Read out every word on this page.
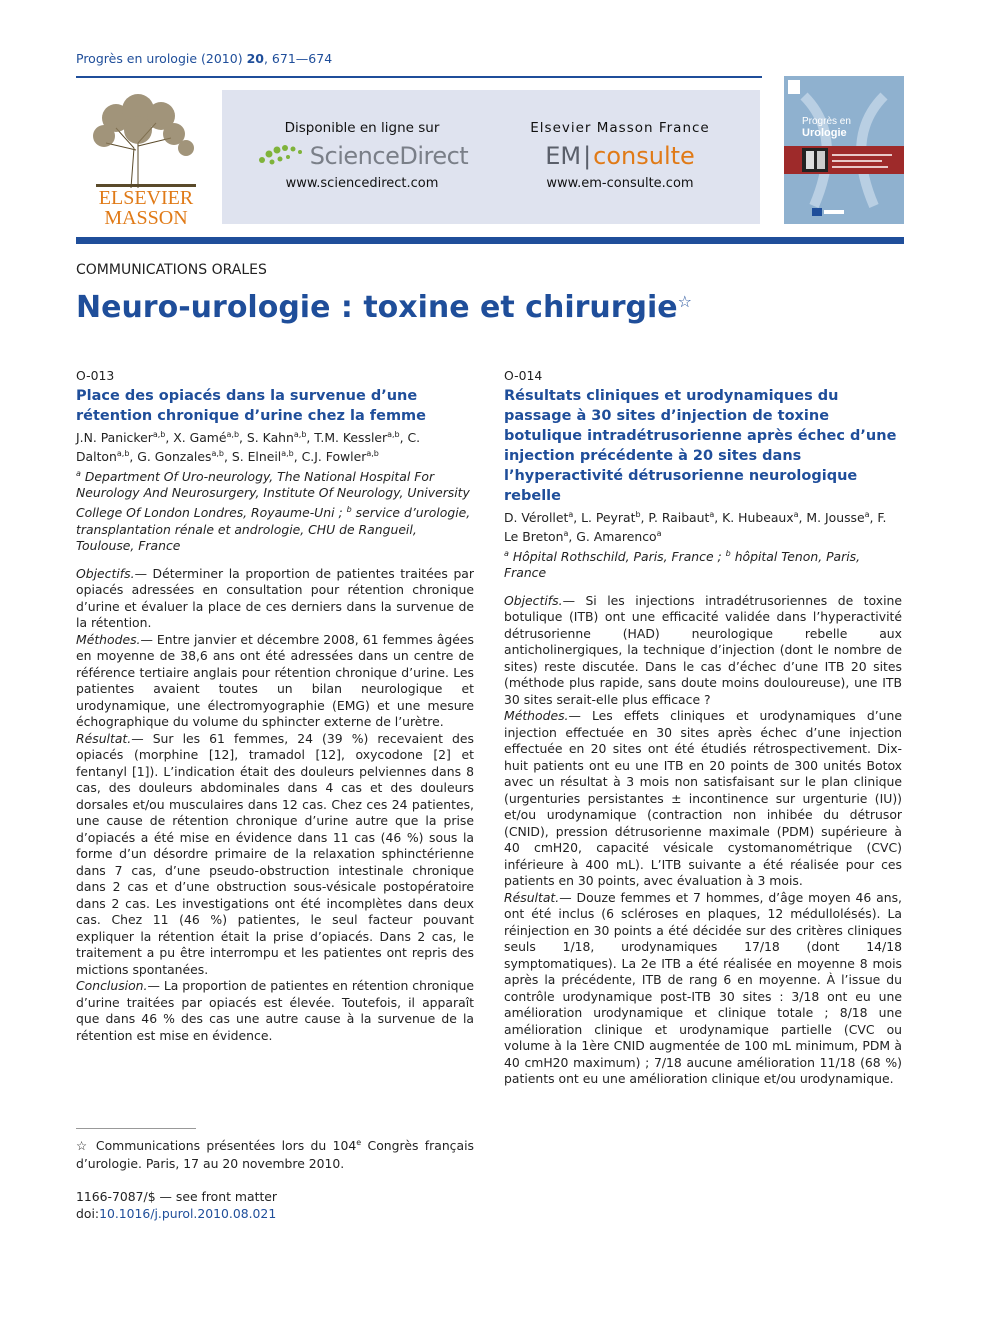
Progrès en urologie (2010) 20, 671—674
ELSEVIER
MASSON
Disponible en ligne sur
ScienceDirect
www.sciencedirect.com
Elsevier Masson France
EM | consulte
www.em-consulte.com
Progrès en
Urologie
COMMUNICATIONS ORALES
Neuro-urologie : toxine et chirurgie☆
O-013
Place des opiacés dans la survenue d’une rétention chronique d’urine chez la femme
J.N. Panicker$^{a,b}$, X. Gamé$^{a,b}$, S. Kahn$^{a,b}$, T.M. Kessler$^{a,b}$, C. Dalton$^{a,b}$, G. Gonzales$^{a,b}$, S. Elneil$^{a,b}$, C.J. Fowler$^{a,b}$
$^a$ Department Of Uro-neurology, The National Hospital For Neurology And Neurosurgery, Institute Of Neurology, University College Of London Londres, Royaume-Uni ; $^b$ service d’urologie, transplantation rénale et andrologie, CHU de Rangueil, Toulouse, France

Objectifs.— Déterminer la proportion de patientes traitées par opiacés adressées en consultation pour rétention chronique d’urine et évaluer la place de ces derniers dans la survenue de la rétention.

Méthodes.— Entre janvier et décembre 2008, 61 femmes âgées en moyenne de 38,6 ans ont été adressées dans un centre de référence tertiaire anglais pour rétention chronique d’urine. Les patientes avaient toutes un bilan neurologique et urodynamique, une électromyographie (EMG) et une mesure échographique du volume du sphincter externe de l’urètre.

Résultat.— Sur les 61 femmes, 24 (39 %) recevaient des opiacés (morphine [12], tramadol [12], oxycodone [2] et fentanyl [1]). L’indication était des douleurs pelviennes dans 8 cas, des douleurs abdominales dans 4 cas et des douleurs dorsales et/ou musculaires dans 12 cas. Chez ces 24 patientes, une cause de rétention chronique d’urine autre que la prise d’opiacés a été mise en évidence dans 11 cas (46 %) sous la forme d’un désordre primaire de la relaxation sphinctérienne dans 7 cas, d’une pseudo-obstruction intestinale chronique dans 2 cas et d’une obstruction sous-vésicale postopératoire dans 2 cas. Les investigations ont été incomplètes dans deux cas. Chez 11 (46 %) patientes, le seul facteur pouvant expliquer la rétention était la prise d’opiacés. Dans 2 cas, le traitement a pu être interrompu et les patientes ont repris des mictions spontanées.

Conclusion.— La proportion de patientes en rétention chronique d’urine traitées par opiacés est élevée. Toutefois, il apparaît que dans 46 % des cas une autre cause à la survenue de la rétention est mise en évidence.

O-014
Résultats cliniques et urodynamiques du passage à 30 sites d’injection de toxine botulique intradétrusorienne après échec d’une injection précédente à 20 sites dans l’hyperactivité détrusorienne neurologique rebelle
D. Vérollet$^a$, L. Peyrat$^b$, P. Raibaut$^a$, K. Hubeaux$^a$, M. Jousse$^a$, F. Le Breton$^a$, G. Amarenco$^a$
$^a$ Hôpital Rothschild, Paris, France ; $^b$ hôpital Tenon, Paris, France

Objectifs.— Si les injections intradétrusoriennes de toxine botulique (ITB) ont une efficacité validée dans l’hyperactivité détrusorienne (HAD) neurologique rebelle aux anticholinergiques, la technique d’injection (dont le nombre de sites) reste discutée. Dans le cas d’échec d’une ITB 20 sites (méthode plus rapide, sans doute moins douloureuse), une ITB 30 sites serait-elle plus efficace ?

Méthodes.— Les effets cliniques et urodynamiques d’une injection effectuée en 30 sites après échec d’une injection effectuée en 20 sites ont été étudiés rétrospectivement. Dix-huit patients ont eu une ITB en 20 points de 300 unités Botox avec un résultat à 3 mois non satisfaisant sur le plan clinique (urgenturies persistantes ± incontinence sur urgenturie (IU)) et/ou urodynamique (contraction non inhibée du détrusor (CNID), pression détrusorienne maximale (PDM) supérieure à 40 cmH20, capacité vésicale cystomanométrique (CVC) inférieure à 400 mL). L’ITB suivante a été réalisée pour ces patients en 30 points, avec évaluation à 3 mois.

Résultat.— Douze femmes et 7 hommes, d’âge moyen 46 ans, ont été inclus (6 scléroses en plaques, 12 médullolésés). La réinjection en 30 points a été décidée sur des critères cliniques seuls 1/18, urodynamiques 17/18 (dont 14/18 symptomatiques). La 2e ITB a été réalisée en moyenne 8 mois après la précédente, ITB de rang 6 en moyenne. À l’issue du contrôle urodynamique post-ITB 30 sites : 3/18 ont eu une amélioration urodynamique et clinique totale ; 8/18 une amélioration clinique et urodynamique partielle (CVC ou volume à la 1ère CNID augmentée de 100 mL minimum, PDM à 40 cmH20 maximum) ; 7/18 aucune amélioration 11/18 (68 %) patients ont eu une amélioration clinique et/ou urodynamique.

☆ Communications présentées lors du 104e Congrès français d’urologie. Paris, 17 au 20 novembre 2010.
1166-7087/$ — see front matter
doi:10.1016/j.purol.2010.08.021
